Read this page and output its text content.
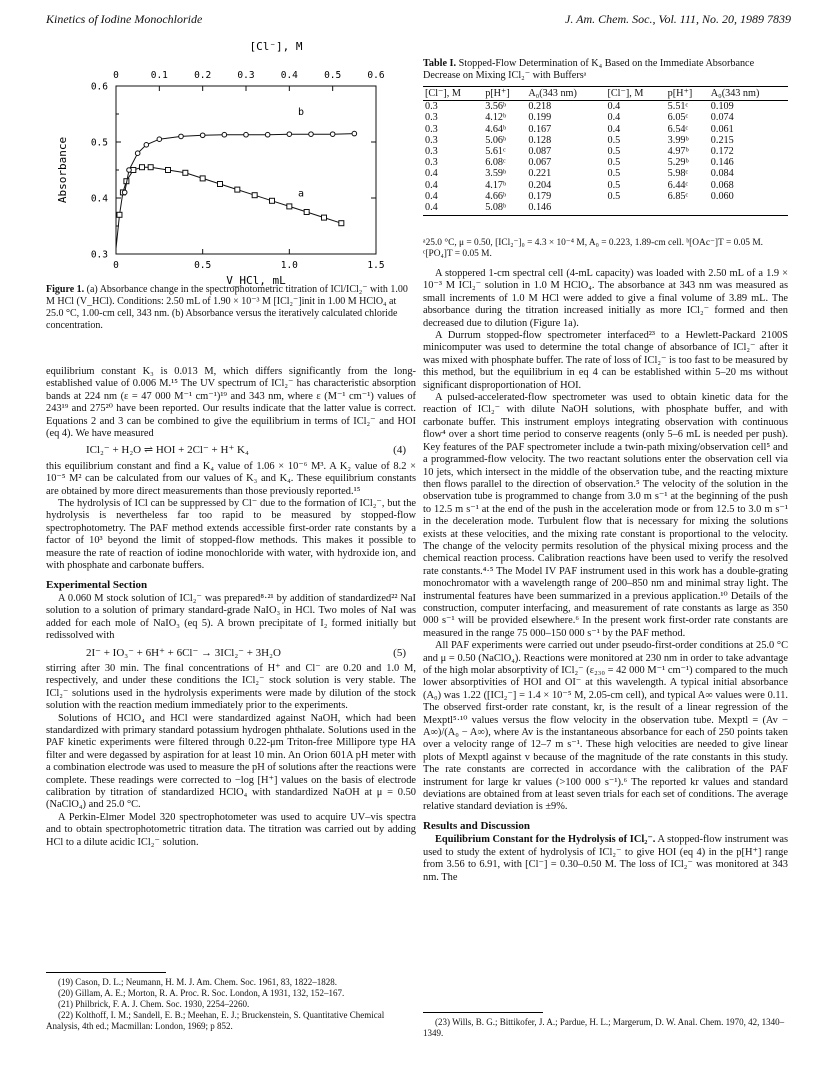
Kinetics of Iodine Monochloride	J. Am. Chem. Soc., Vol. 111, No. 20, 1989 7839
[Cl⁻], M
0	0.1	0.2	0.3	0.4	0.5	0.6
0.6
0.5
0.4
0.3
Absorbance
0	0.5	1.0	1.5
V_HCl, mL
a
b
Figure 1. (a) Absorbance change in the spectrophotometric titration of ICl/ICl₂⁻ with 1.00 M HCl (V_HCl). Conditions: 2.50 mL of 1.90 × 10⁻³ M [ICl₂⁻]init in 1.00 M HClO₄ at 25.0 °C, 1.00-cm cell, 343 nm. (b) Absorbance versus the iteratively calculated chloride concentration.
Table I. Stopped-Flow Determination of K₄ Based on the Immediate Absorbance Decrease on Mixing ICl₂⁻ with Buffersᵃ
[Cl⁻], M	p[H⁺]	A₀(343 nm)	[Cl⁻], M	p[H⁺]	A₀(343 nm)
0.3	3.56ᵇ	0.218	0.4	5.51ᶜ	0.109
0.3	4.12ᵇ	0.199	0.4	6.05ᶜ	0.074
0.3	4.64ᵇ	0.167	0.4	6.54ᶜ	0.061
0.3	5.06ᵇ	0.128	0.5	3.99ᵇ	0.215
0.3	5.61ᶜ	0.087	0.5	4.97ᵇ	0.172
0.3	6.08ᶜ	0.067	0.5	5.29ᵇ	0.146
0.4	3.59ᵇ	0.221	0.5	5.98ᶜ	0.084
0.4	4.17ᵇ	0.204	0.5	6.44ᶜ	0.068
0.4	4.66ᵇ	0.179	0.5	6.85ᶜ	0.060
0.4	5.08ᵇ	0.146			
ᵃ25.0 °C, μ = 0.50, [ICl₂⁻]₀ = 4.3 × 10⁻⁴ M, A₀ = 0.223, 1.89-cm cell. ᵇ[OAc⁻]T = 0.05 M. ᶜ[PO₄]T = 0.05 M.

equilibrium constant K₃ is 0.013 M, which differs significantly from the long-established value of 0.006 M.¹⁵ The UV spectrum of ICl₂⁻ has characteristic absorption bands at 224 nm (ε = 47 000 M⁻¹ cm⁻¹)¹⁹ and 343 nm, where ε (M⁻¹ cm⁻¹) values of 243¹⁹ and 275²⁰ have been reported. Our results indicate that the latter value is correct. Equations 2 and 3 can be combined to give the equilibrium in terms of ICl₂⁻ and HOI (eq 4). We have measured

ICl₂⁻ + H₂O ⇌ HOI + 2Cl⁻ + H⁺ K₄	(4)

this equilibrium constant and find a K₄ value of 1.06 × 10⁻⁶ M³. A K₂ value of 8.2 × 10⁻⁵ M² can be calculated from our values of K₃ and K₄. These equilibrium constants are obtained by more direct measurements than those previously reported.¹⁵

The hydrolysis of ICl can be suppressed by Cl⁻ due to the formation of ICl₂⁻, but the hydrolysis is nevertheless far too rapid to be measured by stopped-flow spectrophotometry. The PAF method extends accessible first-order rate constants by a factor of 10³ beyond the limit of stopped-flow methods. This makes it possible to measure the rate of reaction of iodine monochloride with water, with hydroxide ion, and with phosphate and carbonate buffers.

Experimental Section

A 0.060 M stock solution of ICl₂⁻ was prepared⁸·²¹ by addition of standardized²² NaI solution to a solution of primary standard-grade NaIO₃ in HCl. Two moles of NaI was added for each mole of NaIO₃ (eq 5). A brown precipitate of I₂ formed initially but redissolved with

2I⁻ + IO₃⁻ + 6H⁺ + 6Cl⁻ → 3ICl₂⁻ + 3H₂O	(5)

stirring after 30 min. The final concentrations of H⁺ and Cl⁻ are 0.20 and 1.0 M, respectively, and under these conditions the ICl₂⁻ stock solution is very stable. The ICl₂⁻ solutions used in the hydrolysis experiments were made by dilution of the stock solution with the reaction medium immediately prior to the experiments.

Solutions of HClO₄ and HCl were standardized against NaOH, which had been standardized with primary standard potassium hydrogen phthalate. Solutions used in the PAF kinetic experiments were filtered through 0.22-μm Triton-free Millipore type HA filter and were degassed by aspiration for at least 10 min. An Orion 601A pH meter with a combination electrode was used to measure the pH of solutions after the reactions were complete. These readings were corrected to −log [H⁺] values on the basis of electrode calibration by titration of standardized HClO₄ with standardized NaOH at μ = 0.50 (NaClO₄) and 25.0 °C.

A Perkin-Elmer Model 320 spectrophotometer was used to acquire UV–vis spectra and to obtain spectrophotometric titration data. The titration was carried out by adding HCl to a dilute acidic ICl₂⁻ solution.

(19) Cason, D. L.; Neumann, H. M. J. Am. Chem. Soc. 1961, 83, 1822–1828.
(20) Gillam, A. E.; Morton, R. A. Proc. R. Soc. London, A 1931, 132, 152–167.
(21) Philbrick, F. A. J. Chem. Soc. 1930, 2254–2260.
(22) Kolthoff, I. M.; Sandell, E. B.; Meehan, E. J.; Bruckenstein, S. Quantitative Chemical Analysis, 4th ed.; Macmillan: London, 1969; p 852.

A stoppered 1-cm spectral cell (4-mL capacity) was loaded with 2.50 mL of a 1.9 × 10⁻³ M ICl₂⁻ solution in 1.0 M HClO₄. The absorbance at 343 nm was measured as small increments of 1.0 M HCl were added to give a final volume of 3.89 mL. The absorbance during the titration increased initially as more ICl₂⁻ formed and then decreased due to dilution (Figure 1a).

A Durrum stopped-flow spectrometer interfaced²³ to a Hewlett-Packard 2100S minicomputer was used to determine the total change of absorbance of ICl₂⁻ after it was mixed with phosphate buffer. The rate of loss of ICl₂⁻ is too fast to be measured by this method, but the equilibrium in eq 4 can be established within 5–20 ms without significant disproportionation of HOI.

A pulsed-accelerated-flow spectrometer was used to obtain kinetic data for the reaction of ICl₂⁻ with dilute NaOH solutions, with phosphate buffer, and with carbonate buffer. This instrument employs integrating observation with continuous flow⁴ over a short time period to conserve reagents (only 5–6 mL is needed per push). Key features of the PAF spectrometer include a twin-path mixing/observation cell⁵ and a programmed-flow velocity. The two reactant solutions enter the observation cell via 10 jets, which intersect in the middle of the observation tube, and the reacting mixture then flows parallel to the direction of observation.⁵ The velocity of the solution in the observation tube is programmed to change from 3.0 m s⁻¹ at the beginning of the push to 12.5 m s⁻¹ at the end of the push in the acceleration mode or from 12.5 to 3.0 m s⁻¹ in the deceleration mode. Turbulent flow that is necessary for mixing the solutions exists at these velocities, and the mixing rate constant is proportional to the velocity. The change of the velocity permits resolution of the physical mixing process and the chemical reaction process. Calibration reactions have been used to verify the resolved rate constants.⁴·⁵ The Model IV PAF instrument used in this work has a double-grating monochromator with a wavelength range of 200–850 nm and minimal stray light. The instrumental features have been summarized in a previous application.¹⁰ Details of the construction, computer interfacing, and measurement of rate constants as large as 350 000 s⁻¹ will be provided elsewhere.⁶ In the present work first-order rate constants are measured in the range 75 000–150 000 s⁻¹ by the PAF method.

All PAF experiments were carried out under pseudo-first-order conditions at 25.0 °C and μ = 0.50 (NaClO₄). Reactions were monitored at 230 nm in order to take advantage of the high molar absorptivity of ICl₂⁻ (ε₂₃₀ = 42 000 M⁻¹ cm⁻¹) compared to the much lower absorptivities of HOI and OI⁻ at this wavelength. A typical initial absorbance (A₀) was 1.22 ([ICl₂⁻] = 1.4 × 10⁻⁵ M, 2.05-cm cell), and typical A∞ values were 0.11. The observed first-order rate constant, kr, is the result of a linear regression of the Mexptl⁵·¹⁰ values versus the flow velocity in the observation tube. Mexptl = (Av − A∞)/(A₀ − A∞), where Av is the instantaneous absorbance for each of 250 points taken over a velocity range of 12–7 m s⁻¹. These high velocities are needed to give linear plots of Mexptl against v because of the magnitude of the rate constants in this study. The rate constants are corrected in accordance with the calibration of the PAF instrument for large kr values (>100 000 s⁻¹).⁶ The reported kr values and standard deviations are obtained from at least seven trials for each set of conditions. The average relative standard deviation is ±9%.

Results and Discussion

Equilibrium Constant for the Hydrolysis of ICl₂⁻. A stopped-flow instrument was used to study the extent of hydrolysis of ICl₂⁻ to give HOI (eq 4) in the p[H⁺] range from 3.56 to 6.91, with [Cl⁻] = 0.30–0.50 M. The loss of ICl₂⁻ was monitored at 343 nm. The

(23) Wills, B. G.; Bittikofer, J. A.; Pardue, H. L.; Margerum, D. W. Anal. Chem. 1970, 42, 1340–1349.
